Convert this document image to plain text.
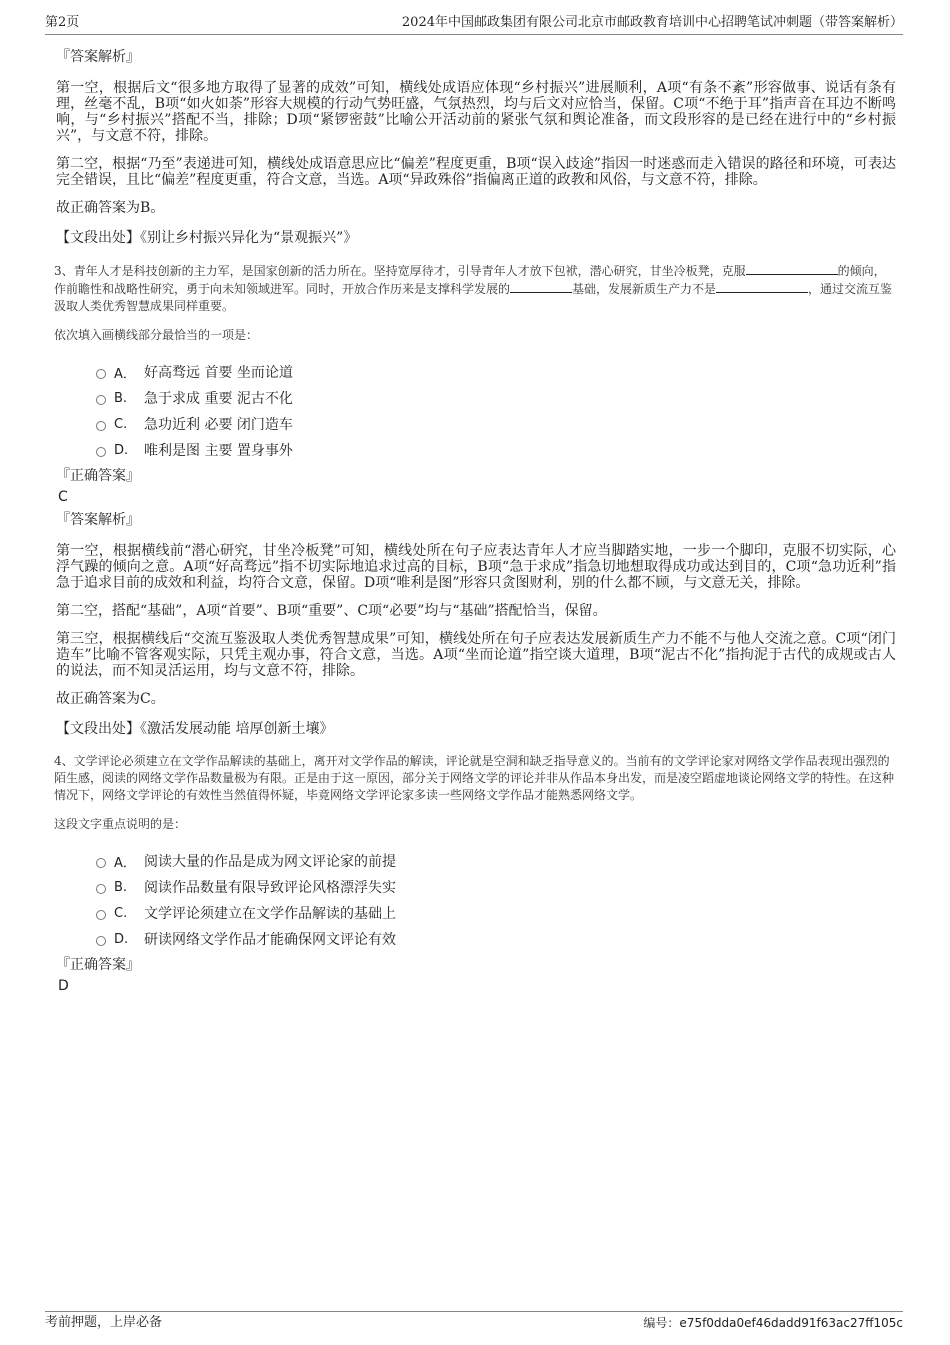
第2页	2024年中国邮政集团有限公司北京市邮政教育培训中心招聘笔试冲刺题（带答案解析）
『答案解析』

第一空，根据后文“很多地方取得了显著的成效”可知，横线处成语应体现“乡村振兴”进展顺利，A项“有条不紊”形容做事、说话有条有理，丝毫不乱，B项“如火如荼”形容大规模的行动气势旺盛，气氛热烈，均与后文对应恰当，保留。C项“不绝于耳”指声音在耳边不断鸣响，与“乡村振兴”搭配不当，排除；D项“紧锣密鼓”比喻公开活动前的紧张气氛和舆论准备，而文段形容的是已经在进行中的“乡村振兴”，与文意不符，排除。

第二空，根据“乃至”表递进可知，横线处成语意思应比“偏差”程度更重，B项“误入歧途”指因一时迷惑而走入错误的路径和环境，可表达完全错误，且比“偏差”程度更重，符合文意，当选。A项“异政殊俗”指偏离正道的政教和风俗，与文意不符，排除。

故正确答案为B。

【文段出处】《别让乡村振兴异化为“景观振兴”》

3、青年人才是科技创新的主力军，是国家创新的活力所在。坚持宽厚待才，引导青年人才放下包袱，潜心研究，甘坐冷板凳，克服	的倾向，作前瞻性和战略性研究，勇于向未知领域进军。同时，开放合作历来是支撑科学发展的	基础，发展新质生产力不是	，通过交流互鉴汲取人类优秀智慧成果同样重要。
依次填入画横线部分最恰当的一项是：
A． 好高骛远 首要 坐而论道
B.	急于求成 重要 泥古不化
C.	急功近利 必要 闭门造车
D.	唯利是图 主要 置身事外
『正确答案』
C
『答案解析』

第一空，根据横线前“潜心研究，甘坐冷板凳”可知，横线处所在句子应表达青年人才应当脚踏实地，一步一个脚印，克服不切实际，心浮气躁的倾向之意。A项“好高骛远”指不切实际地追求过高的目标，B项“急于求成”指急切地想取得成功或达到目的，C项“急功近利”指急于追求目前的成效和利益，均符合文意，保留。D项“唯利是图”形容只贪图财利，别的什么都不顾，与文意无关，排除。

第二空，搭配“基础”，A项“首要”、B项“重要”、C项“必要”均与“基础”搭配恰当，保留。

第三空，根据横线后“交流互鉴汲取人类优秀智慧成果”可知，横线处所在句子应表达发展新质生产力不能不与他人交流之意。C项“闭门造车”比喻不管客观实际，只凭主观办事，符合文意，当选。A项“坐而论道”指空谈大道理，B项“泥古不化”指拘泥于古代的成规或古人的说法，而不知灵活运用，均与文意不符，排除。

故正确答案为C。

【文段出处】《激活发展动能 培厚创新土壤》

4、文学评论必须建立在文学作品解读的基础上，离开对文学作品的解读，评论就是空洞和缺乏指导意义的。当前有的文学评论家对网络文学作品表现出强烈的陌生感，阅读的网络文学作品数量极为有限。正是由于这一原因，部分关于网络文学的评论并非从作品本身出发，而是凌空蹈虚地谈论网络文学的特性。在这种情况下，网络文学评论的有效性当然值得怀疑，毕竟网络文学评论家多读一些网络文学作品才能熟悉网络文学。
这段文字重点说明的是：
A． 阅读大量的作品是成为网文评论家的前提
B.	阅读作品数量有限导致评论风格漂浮失实
C.	文学评论须建立在文学作品解读的基础上
D.	研读网络文学作品才能确保网文评论有效
『正确答案』
D
考前押题，上岸必备	编号：e75f0dda0ef46dadd91f63ac27ff105c
